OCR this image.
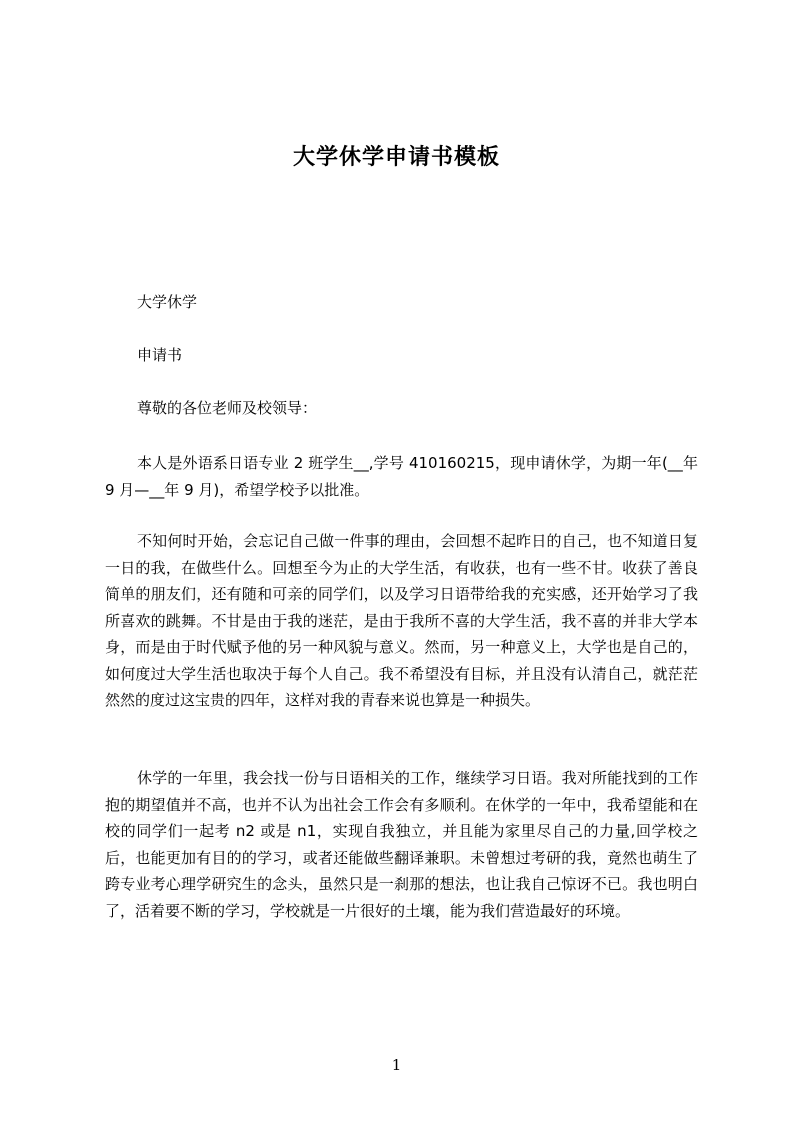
大学休学申请书模板
大学休学
申请书
尊敬的各位老师及校领导：

本人是外语系日语专业 2 班学生__,学号 410160215，现申请休学，为期一年(__年 9 月—__年 9 月)，希望学校予以批准。

不知何时开始，会忘记自己做一件事的理由，会回想不起昨日的自己，也不知道日复一日的我，在做些什么。回想至今为止的大学生活，有收获，也有一些不甘。收获了善良简单的朋友们，还有随和可亲的同学们，以及学习日语带给我的充实感，还开始学习了我所喜欢的跳舞。不甘是由于我的迷茫，是由于我所不喜的大学生活，我不喜的并非大学本身，而是由于时代赋予他的另一种风貌与意义。然而，另一种意义上，大学也是自己的，如何度过大学生活也取决于每个人自己。我不希望没有目标，并且没有认清自己，就茫茫然然的度过这宝贵的四年，这样对我的青春来说也算是一种损失。

休学的一年里，我会找一份与日语相关的工作，继续学习日语。我对所能找到的工作抱的期望值并不高，也并不认为出社会工作会有多顺利。在休学的一年中，我希望能和在校的同学们一起考 n2 或是 n1，实现自我独立，并且能为家里尽自己的力量,回学校之后，也能更加有目的的学习，或者还能做些翻译兼职。未曾想过考研的我，竟然也萌生了跨专业考心理学研究生的念头，虽然只是一刹那的想法，也让我自己惊讶不已。我也明白了，活着要不断的学习，学校就是一片很好的土壤，能为我们营造最好的环境。

1
